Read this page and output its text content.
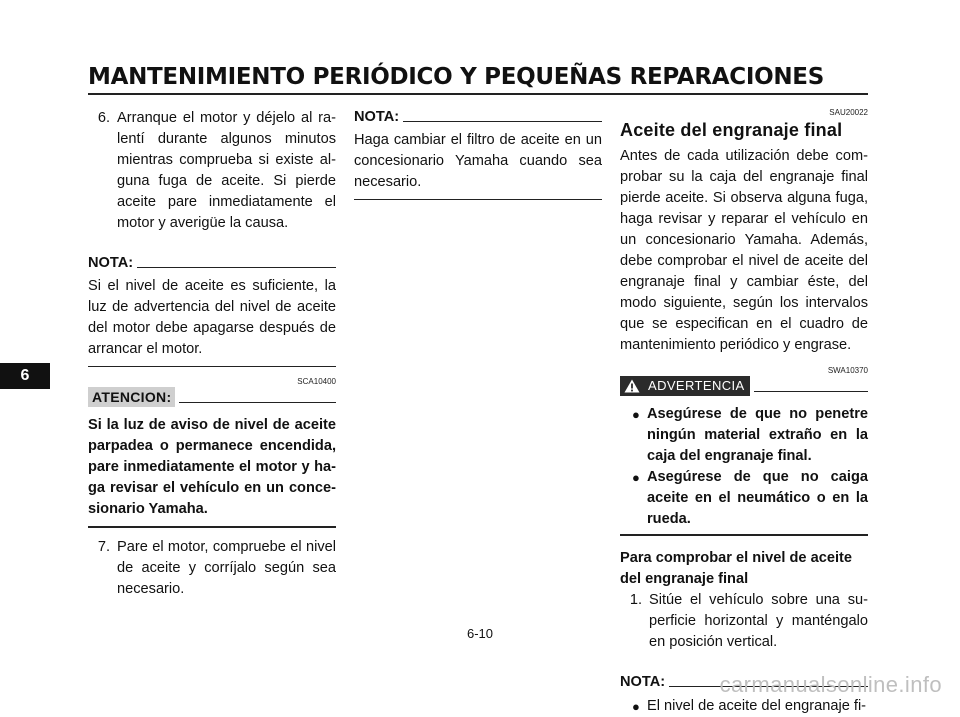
MANTENIMIENTO PERIÓDICO Y PEQUEÑAS REPARACIONES
6
6. Arranque el motor y déjelo al ralentí durante algunos minutos mientras comprueba si existe alguna fuga de aceite. Si pierde aceite pare inmediatamente el motor y averigüe la causa.
NOTA:
Si el nivel de aceite es suficiente, la luz de advertencia del nivel de aceite del motor debe apagarse después de arrancar el motor.
SCA10400
ATENCION:
Si la luz de aviso de nivel de aceite parpadea o permanece encendida, pare inmediatamente el motor y haga revisar el vehículo en un concesionario Yamaha.
7. Pare el motor, compruebe el nivel de aceite y corríjalo según sea necesario.
NOTA:
Haga cambiar el filtro de aceite en un concesionario Yamaha cuando sea necesario.
SAU20022
Aceite del engranaje final
Antes de cada utilización debe comprobar su la caja del engranaje final pierde aceite. Si observa alguna fuga, haga revisar y reparar el vehículo en un concesionario Yamaha. Además, debe comprobar el nivel de aceite del engranaje final y cambiar éste, del modo siguiente, según los intervalos que se especifican en el cuadro de mantenimiento periódico y engrase.
SWA10370
ADVERTENCIA
● Asegúrese de que no penetre ningún material extraño en la caja del engranaje final.
● Asegúrese de que no caiga aceite en el neumático o en la rueda.
Para comprobar el nivel de aceite del engranaje final
1. Sitúe el vehículo sobre una superficie horizontal y manténgalo en posición vertical.
NOTA:
● El nivel de aceite del engranaje fi-
6-10
carmanualsonline.info
